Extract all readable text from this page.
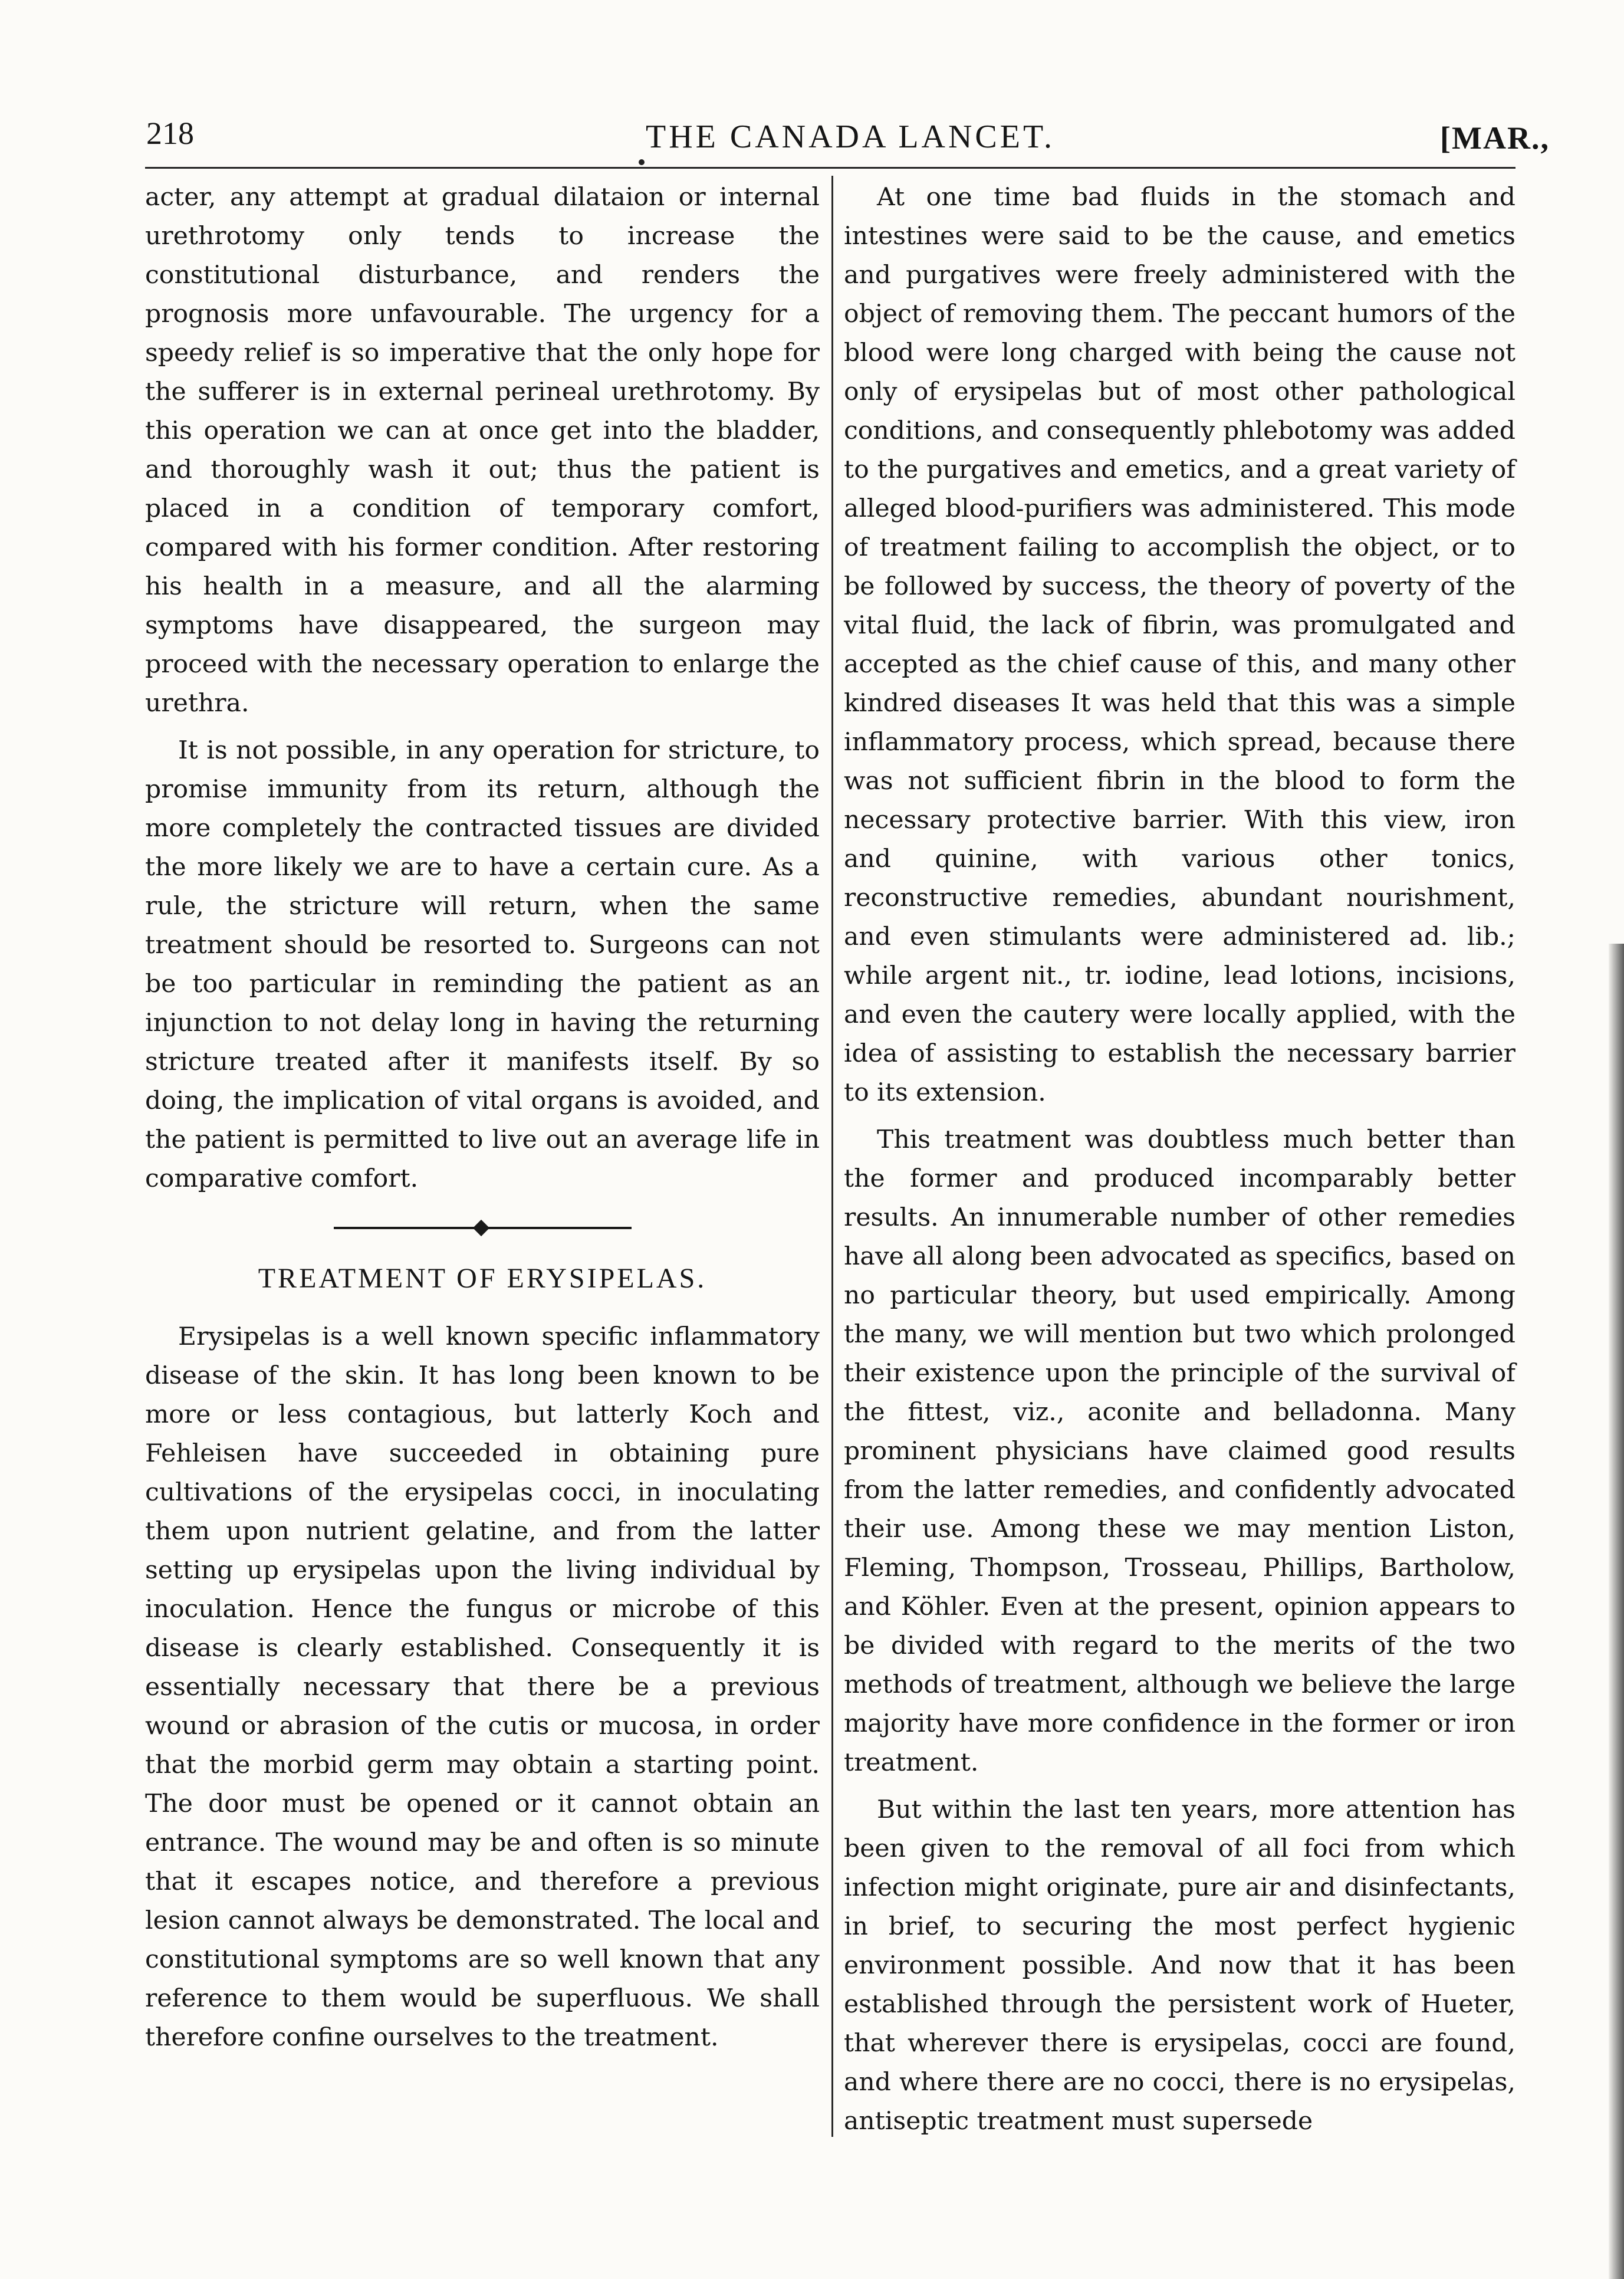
218	THE CANADA LANCET.	[MAR.,

acter, any attempt at gradual dilataion or internal urethrotomy only tends to increase the constitutional disturbance, and renders the prognosis more unfavourable. The urgency for a speedy relief is so imperative that the only hope for the sufferer is in external perineal urethrotomy. By this operation we can at once get into the bladder, and thoroughly wash it out; thus the patient is placed in a condition of temporary comfort, compared with his former condition. After restoring his health in a measure, and all the alarming symptoms have disappeared, the surgeon may proceed with the necessary operation to enlarge the urethra.

It is not possible, in any operation for stricture, to promise immunity from its return, although the more completely the contracted tissues are divided the more likely we are to have a certain cure. As a rule, the stricture will return, when the same treatment should be resorted to. Surgeons can not be too particular in reminding the patient as an injunction to not delay long in having the returning stricture treated after it manifests itself. By so doing, the implication of vital organs is avoided, and the patient is permitted to live out an average life in comparative comfort.

TREATMENT OF ERYSIPELAS.

Erysipelas is a well known specific inflammatory disease of the skin. It has long been known to be more or less contagious, but latterly Koch and Fehleisen have succeeded in obtaining pure cultivations of the erysipelas cocci, in inoculating them upon nutrient gelatine, and from the latter setting up erysipelas upon the living individual by inoculation. Hence the fungus or microbe of this disease is clearly established. Consequently it is essentially necessary that there be a previous wound or abrasion of the cutis or mucosa, in order that the morbid germ may obtain a starting point. The door must be opened or it cannot obtain an entrance. The wound may be and often is so minute that it escapes notice, and therefore a previous lesion cannot always be demonstrated. The local and constitutional symptoms are so well known that any reference to them would be superfluous. We shall therefore confine ourselves to the treatment.

At one time bad fluids in the stomach and intestines were said to be the cause, and emetics and purgatives were freely administered with the object of removing them. The peccant humors of the blood were long charged with being the cause not only of erysipelas but of most other pathological conditions, and consequently phlebotomy was added to the purgatives and emetics, and a great variety of alleged blood-purifiers was administered. This mode of treatment failing to accomplish the object, or to be followed by success, the theory of poverty of the vital fluid, the lack of fibrin, was promulgated and accepted as the chief cause of this, and many other kindred diseases It was held that this was a simple inflammatory process, which spread, because there was not sufficient fibrin in the blood to form the necessary protective barrier. With this view, iron and quinine, with various other tonics, reconstructive remedies, abundant nourishment, and even stimulants were administered ad. lib.; while argent nit., tr. iodine, lead lotions, incisions, and even the cautery were locally applied, with the idea of assisting to establish the necessary barrier to its extension.

This treatment was doubtless much better than the former and produced incomparably better results. An innumerable number of other remedies have all along been advocated as specifics, based on no particular theory, but used empirically. Among the many, we will mention but two which prolonged their existence upon the principle of the survival of the fittest, viz., aconite and belladonna. Many prominent physicians have claimed good results from the latter remedies, and confidently advocated their use. Among these we may mention Liston, Fleming, Thompson, Trosseau, Phillips, Bartholow, and Köhler. Even at the present, opinion appears to be divided with regard to the merits of the two methods of treatment, although we believe the large majority have more confidence in the former or iron treatment.

But within the last ten years, more attention has been given to the removal of all foci from which infection might originate, pure air and disinfectants, in brief, to securing the most perfect hygienic environment possible. And now that it has been established through the persistent work of Hueter, that wherever there is erysipelas, cocci are found, and where there are no cocci, there is no erysipelas, antiseptic treatment must supersede
